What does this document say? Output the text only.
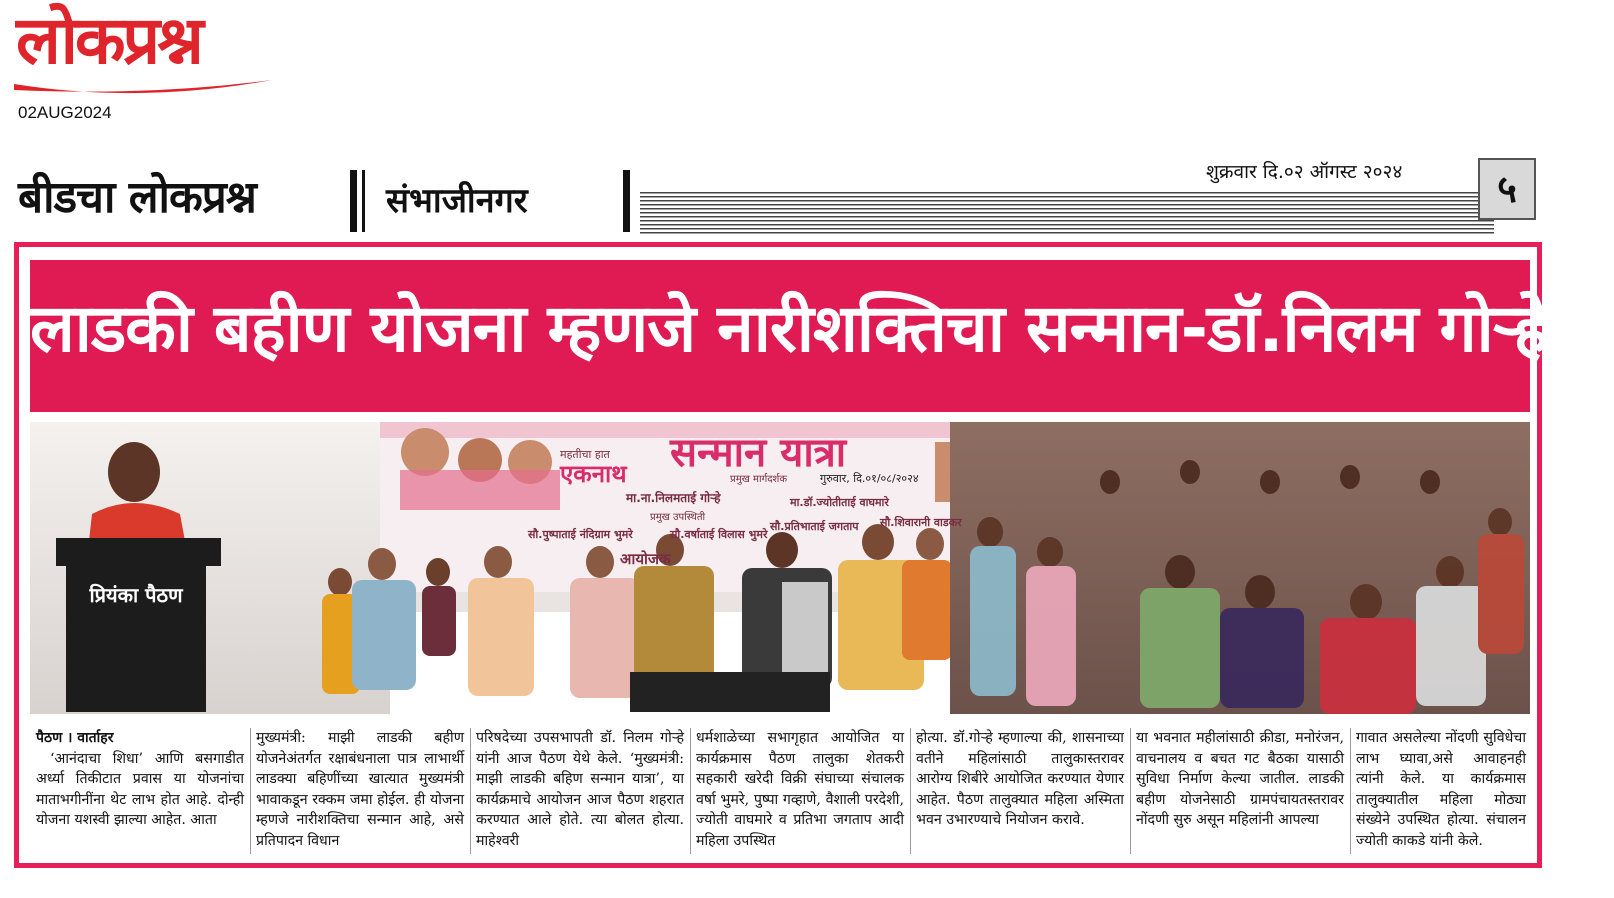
लोकप्रश्न
02AUG2024
बीडचा लोकप्रश्न	संभाजीनगर
शुक्रवार दि.०२ ऑगस्ट २०२४	५
लाडकी बहीण योजना म्हणजे नारीशक्तिचा सन्मान-डॉ.निलम गोऱ्हे
प्रियंका पैठण
सन्मान यात्रा
महतीचा हात
एकनाथ	गुरुवार, दि.०१/०८/२०२४
प्रमुख मार्गदर्शक
मा.ना.निलमताई गोऱ्हे	मा.डॉ.ज्योतीताई वाघमारे
प्रमुख उपस्थिती
सौ.पुष्पाताई नंदिग्राम भुमरे	सौ.वर्षाताई विलास भुमरे
सौ.प्रतिभाताई जगताप सौ.शिवारानी वाडकर
आयोजक

पैठण । वार्ताहर

‘आनंदाचा शिधा’ आणि बसगाडीत अर्ध्या तिकीटात प्रवास या योजनांचा माताभगीनींना थेट लाभ होत आहे. दोन्ही योजना यशस्वी झाल्या आहेत. आता

मुख्यमंत्री: माझी लाडकी बहीण योजनेअंतर्गत रक्षाबंधनाला पात्र लाभार्थी लाडक्या बहिणींच्या खात्यात मुख्यमंत्री भावाकडून रक्कम जमा होईल. ही योजना म्हणजे नारीशक्तिचा सन्मान आहे, असे प्रतिपादन विधान

परिषदेच्या उपसभापती डॉ. निलम गोऱ्हे यांनी आज पैठण येथे केले. ‘मुख्यमंत्री: माझी लाडकी बहिण सन्मान यात्रा’, या कार्यक्रमाचे आयोजन आज पैठण शहरात करण्यात आले होते. त्या बोलत होत्या. माहेश्वरी

धर्मशाळेच्या सभागृहात आयोजित या कार्यक्रमास पैठण तालुका शेतकरी सहकारी खरेदी विक्री संघाच्या संचालक वर्षा भुमरे, पुष्पा गव्हाणे, वैशाली परदेशी, ज्योती वाघमारे व प्रतिभा जगताप आदी महिला उपस्थित

होत्या. डॉ.गोऱ्हे म्हणाल्या की, शासनाच्या वतीने महिलांसाठी तालुकास्तरावर आरोग्य शिबीरे आयोजित करण्यात येणार आहेत. पैठण तालुक्यात महिला अस्मिता भवन उभारण्याचे नियोजन करावे.

या भवनात महीलांसाठी क्रीडा, मनोरंजन, वाचनालय व बचत गट बैठका यासाठी सुविधा निर्माण केल्या जातील. लाडकी बहीण योजनेसाठी ग्रामपंचायतस्तरावर नोंदणी सुरु असून महिलांनी आपल्या

गावात असलेल्या नोंदणी सुविधेचा लाभ घ्यावा,असे आवाहनही त्यांनी केले. या कार्यक्रमास तालुक्यातील महिला मोठ्या संख्येने उपस्थित होत्या. संचालन ज्योती काकडे यांनी केले.
